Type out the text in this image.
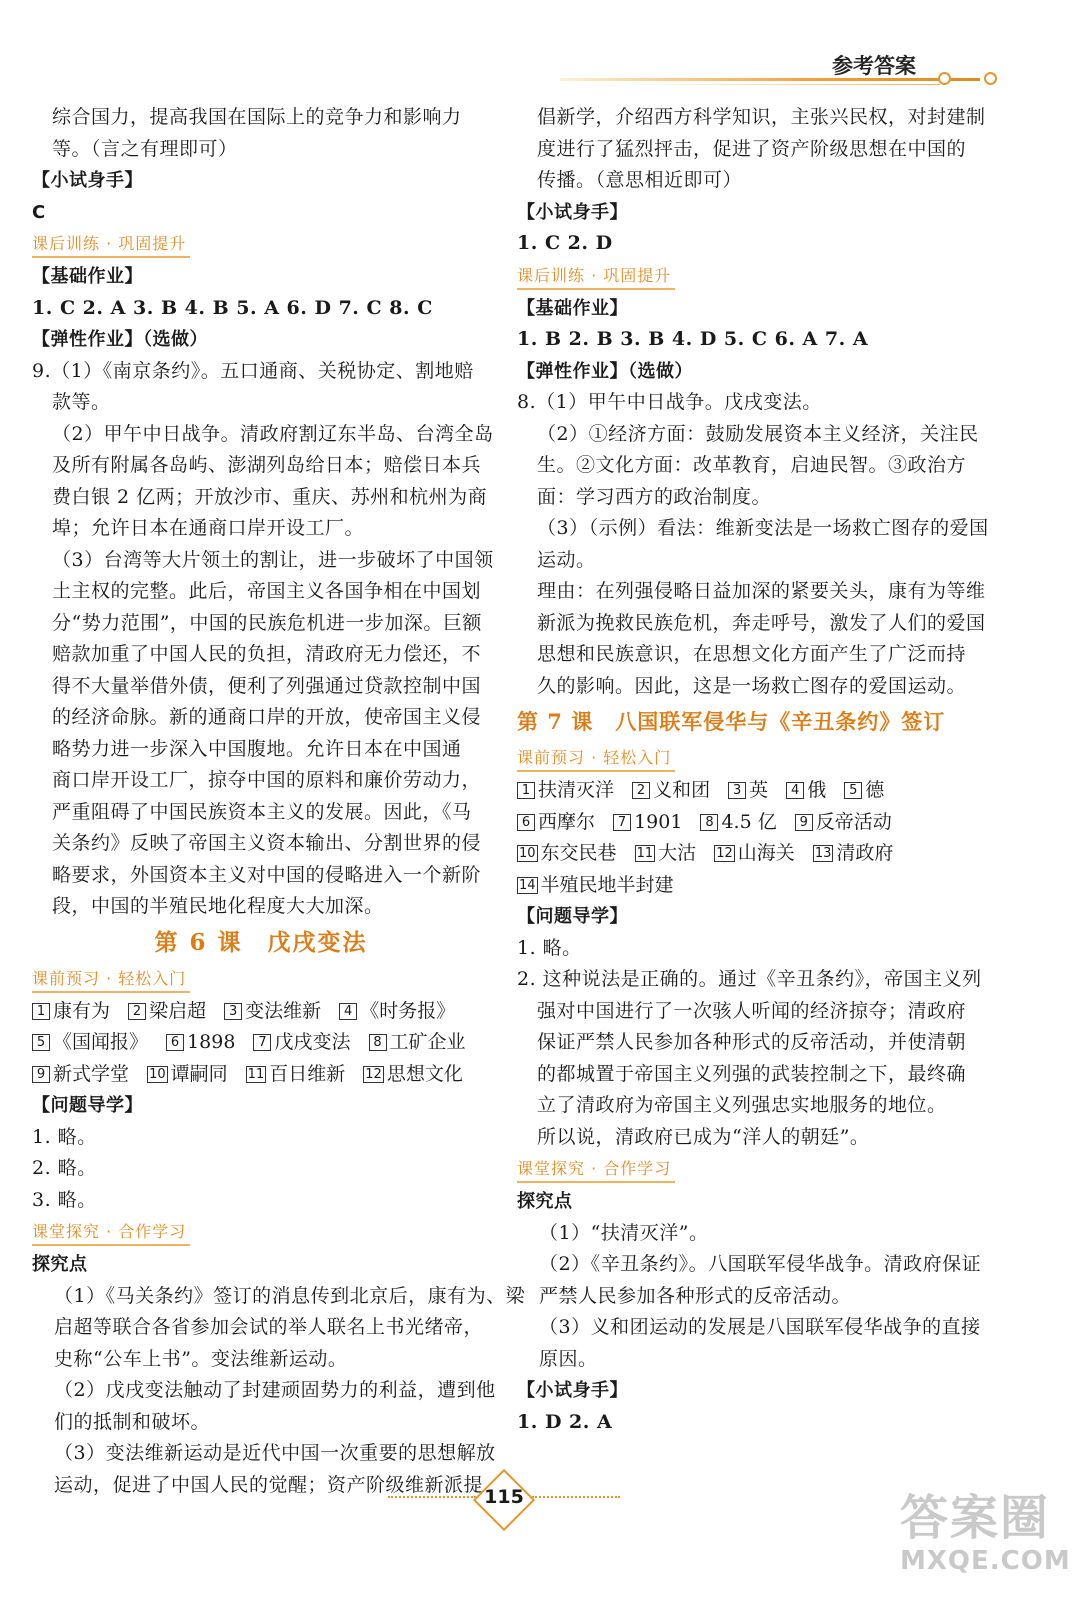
参考答案
综合国力，提高我国在国际上的竞争力和影响力
等。（言之有理即可）
【小试身手】
C
课后训练 · 巩固提升
【基础作业】
1. C 2. A 3. B 4. B 5. A 6. D 7. C 8. C
【弹性作业】（选做）
9.（1）《南京条约》。五口通商、关税协定、割地赔
款等。
（2）甲午中日战争。清政府割辽东半岛、台湾全岛
及所有附属各岛屿、澎湖列岛给日本；赔偿日本兵
费白银 2 亿两；开放沙市、重庆、苏州和杭州为商
埠；允许日本在通商口岸开设工厂。
（3）台湾等大片领土的割让，进一步破坏了中国领
土主权的完整。此后，帝国主义各国争相在中国划
分“势力范围”，中国的民族危机进一步加深。巨额
赔款加重了中国人民的负担，清政府无力偿还，不
得不大量举借外债，便利了列强通过贷款控制中国
的经济命脉。新的通商口岸的开放，使帝国主义侵
略势力进一步深入中国腹地。允许日本在中国通
商口岸开设工厂，掠夺中国的原料和廉价劳动力，
严重阻碍了中国民族资本主义的发展。因此，《马
关条约》反映了帝国主义资本输出、分割世界的侵
略要求，外国资本主义对中国的侵略进入一个新阶
段，中国的半殖民地化程度大大加深。
第 6 课　戊戌变法
课前预习 · 轻松入门
1 康有为 2 梁启超 3 变法维新 4 《时务报》
5 《国闻报》 6 1898 7 戊戌变法 8 工矿企业
9 新式学堂 10 谭嗣同 11 百日维新 12 思想文化
【问题导学】
1. 略。
2. 略。
3. 略。
课堂探究 · 合作学习
探究点
（1）《马关条约》签订的消息传到北京后，康有为、梁
启超等联合各省参加会试的举人联名上书光绪帝，
史称“公车上书”。变法维新运动。
（2）戊戌变法触动了封建顽固势力的利益，遭到他
们的抵制和破坏。
（3）变法维新运动是近代中国一次重要的思想解放
运动，促进了中国人民的觉醒；资产阶级维新派提
倡新学，介绍西方科学知识，主张兴民权，对封建制
度进行了猛烈抨击，促进了资产阶级思想在中国的
传播。（意思相近即可）
【小试身手】
1. C 2. D
课后训练 · 巩固提升
【基础作业】
1. B 2. B 3. B 4. D 5. C 6. A 7. A
【弹性作业】（选做）
8.（1）甲午中日战争。戊戌变法。
（2）①经济方面：鼓励发展资本主义经济，关注民
生。②文化方面：改革教育，启迪民智。③政治方
面：学习西方的政治制度。
（3）（示例）看法：维新变法是一场救亡图存的爱国
运动。
理由：在列强侵略日益加深的紧要关头，康有为等维
新派为挽救民族危机，奔走呼号，激发了人们的爱国
思想和民族意识，在思想文化方面产生了广泛而持
久的影响。因此，这是一场救亡图存的爱国运动。
第 7 课　八国联军侵华与《辛丑条约》签订
课前预习 · 轻松入门
1 扶清灭洋 2 义和团 3 英 4 俄 5 德
6 西摩尔 7 1901 8 4.5 亿 9 反帝活动
10 东交民巷 11 大沽 12 山海关 13 清政府
14 半殖民地半封建
【问题导学】
1. 略。
2. 这种说法是正确的。通过《辛丑条约》，帝国主义列
强对中国进行了一次骇人听闻的经济掠夺；清政府
保证严禁人民参加各种形式的反帝活动，并使清朝
的都城置于帝国主义列强的武装控制之下，最终确
立了清政府为帝国主义列强忠实地服务的地位。
所以说，清政府已成为“洋人的朝廷”。
课堂探究 · 合作学习
探究点
（1）“扶清灭洋”。
（2）《辛丑条约》。八国联军侵华战争。清政府保证
严禁人民参加各种形式的反帝活动。
（3）义和团运动的发展是八国联军侵华战争的直接
原因。
【小试身手】
1. D 2. A
115	答案圈
MXQE.COM
